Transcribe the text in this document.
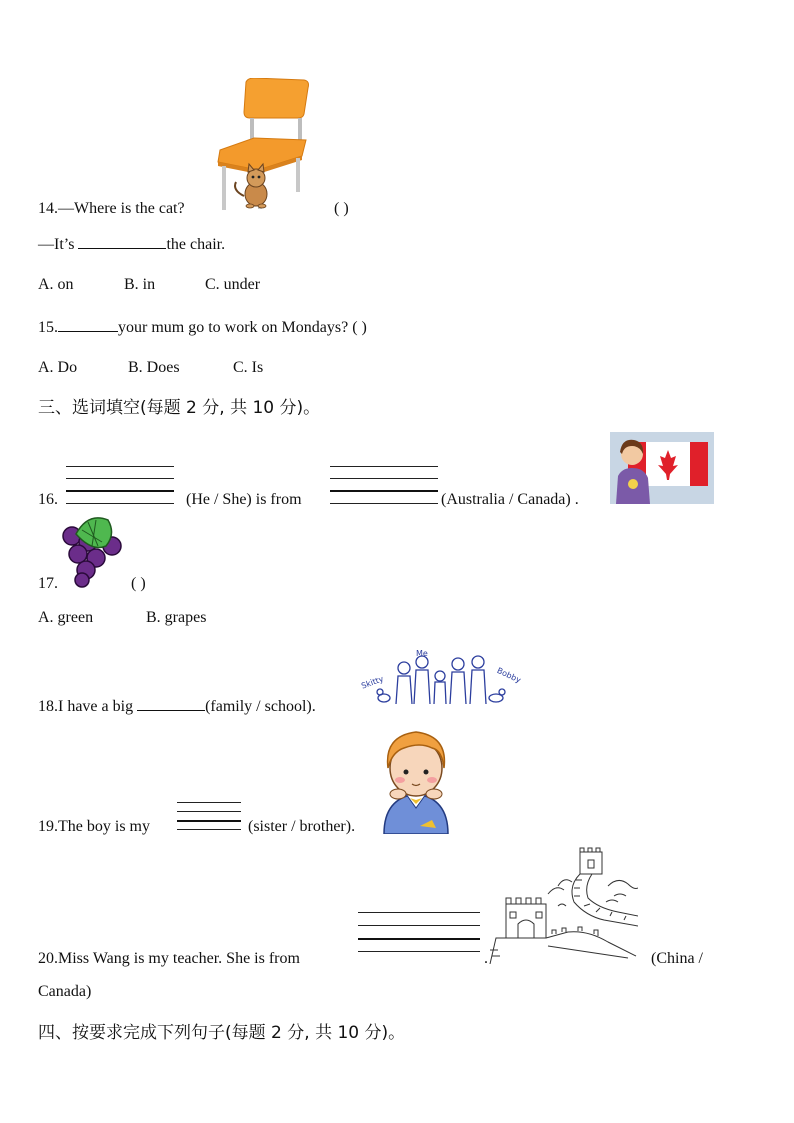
14.—Where is the cat?	( )
—It’s	the chair.
A. on	B. in	C. under
15.	your mum go to work on Mondays? ( )
A. Do	B. Does	C. Is
三、选词填空(每题 2 分, 共 10 分)。
16.	(He / She) is from	(Australia / Canada) .
17.	( )
A. green	B. grapes
Skitty
Me
Bobby
18.I have a big	(family / school).
19.The boy is my	(sister / brother).
20.Miss Wang is my teacher. She is from	.	(China /
Canada)
四、按要求完成下列句子(每题 2 分, 共 10 分)。
